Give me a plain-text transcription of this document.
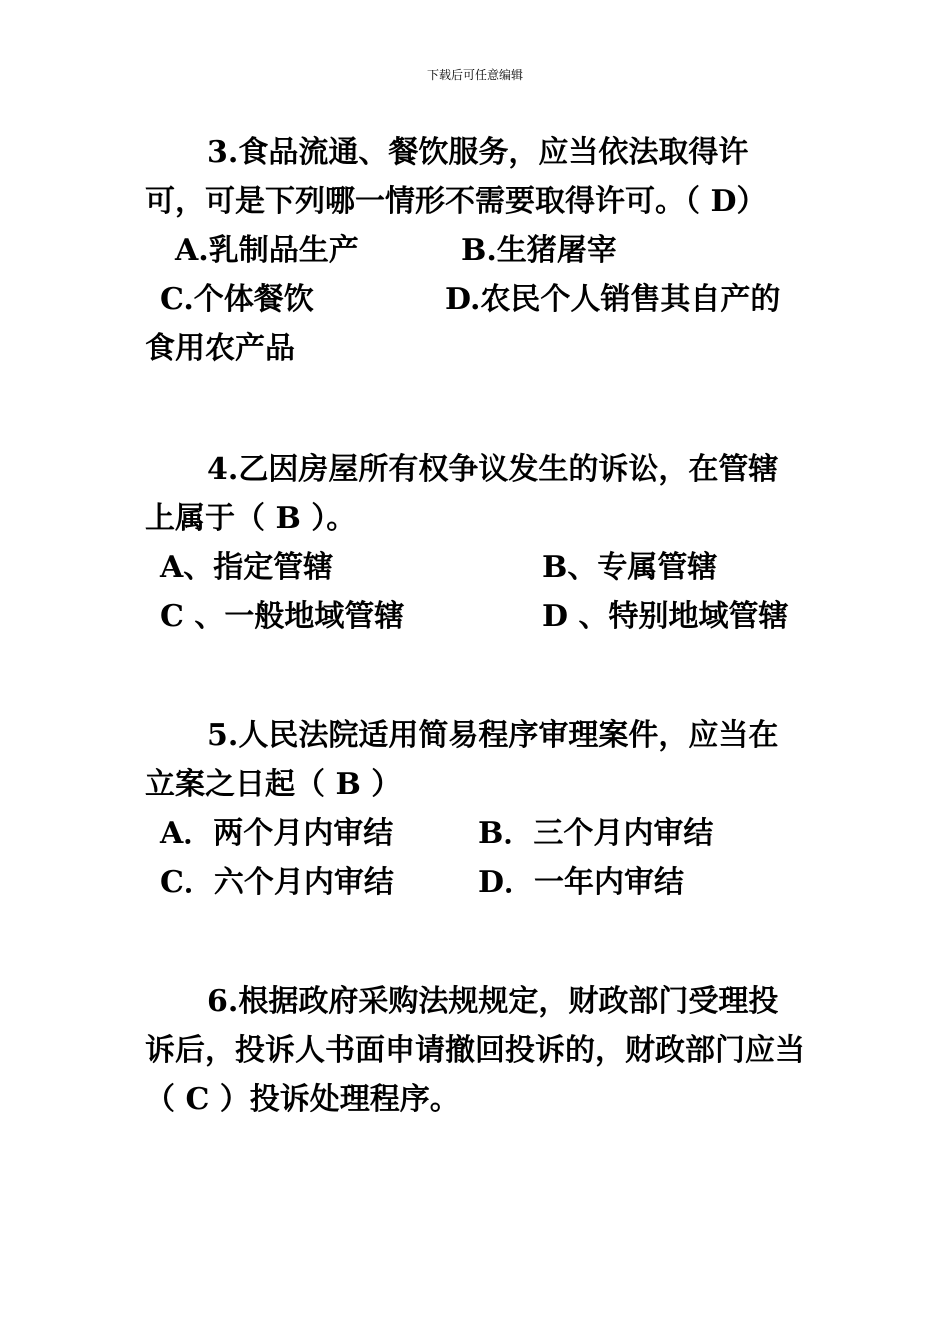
下载后可任意编辑

3.食品流通、餐饮服务，应当依法取得许可，可是下列哪一情形不需要取得许可。（ D）

A.乳制品生产	B.生猪屠宰
C.个体餐饮	D.农民个人销售其自产的

食用农产品

4.乙因房屋所有权争议发生的诉讼，在管辖上属于（ B ）。

A、指定管辖	B、专属管辖
C 、一般地域管辖	D 、特别地域管辖

5.人民法院适用简易程序审理案件，应当在立案之日起（ B ）

A．两个月内审结	B．三个月内审结
C．六个月内审结	D．一年内审结

6.根据政府采购法规规定，财政部门受理投诉后，投诉人书面申请撤回投诉的，财政部门应当（ C ）投诉处理程序。
